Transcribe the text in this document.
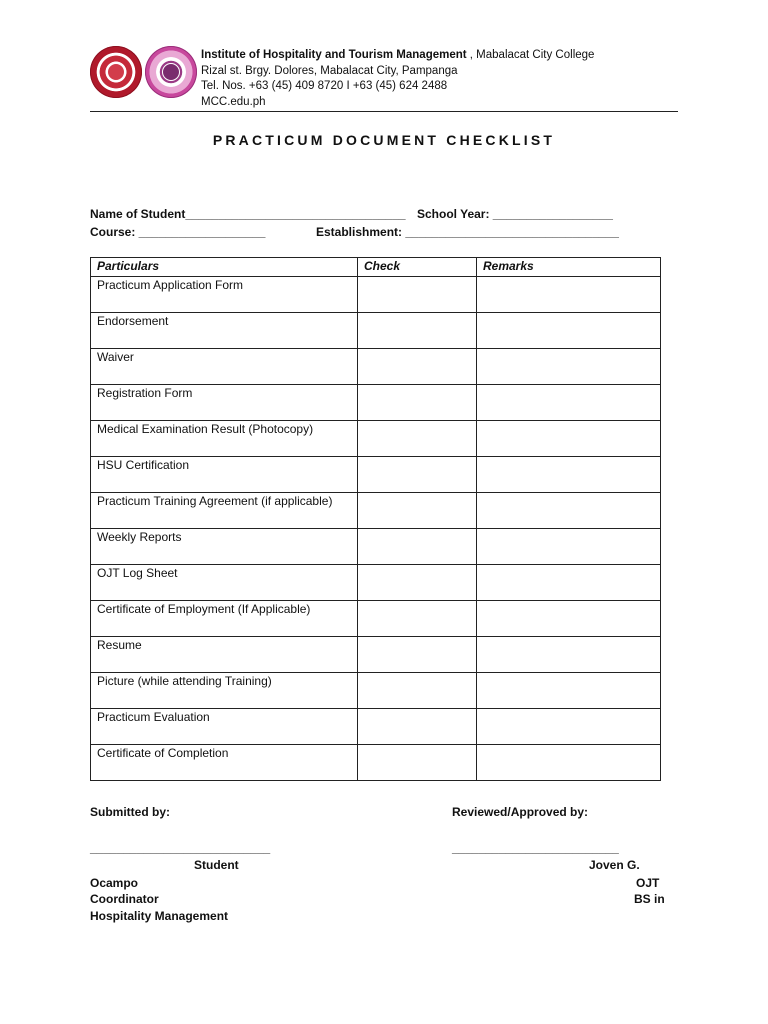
Institute of Hospitality and Tourism Management , Mabalacat City College
Rizal st. Brgy. Dolores, Mabalacat City, Pampanga
Tel. Nos. +63 (45) 409 8720 I +63 (45) 624 2488
MCC.edu.ph
PRACTICUM DOCUMENT CHECKLIST
Name of Student_________________________________ School Year: __________________
Course: ___________________	Establishment: ________________________________
Particulars	Check	Remarks
Practicum Application Form		
Endorsement		
Waiver		
Registration Form		
Medical Examination Result (Photocopy)		
HSU Certification		
Practicum Training Agreement (if applicable)		
Weekly Reports		
OJT Log Sheet		
Certificate of Employment (If Applicable)		
Resume		
Picture (while attending Training)		
Practicum Evaluation		
Certificate of Completion		
Submitted by:	Reviewed/Approved by:
___________________________	_________________________
Student	Joven G.
Ocampo	OJT
Coordinator	BS in
Hospitality Management
